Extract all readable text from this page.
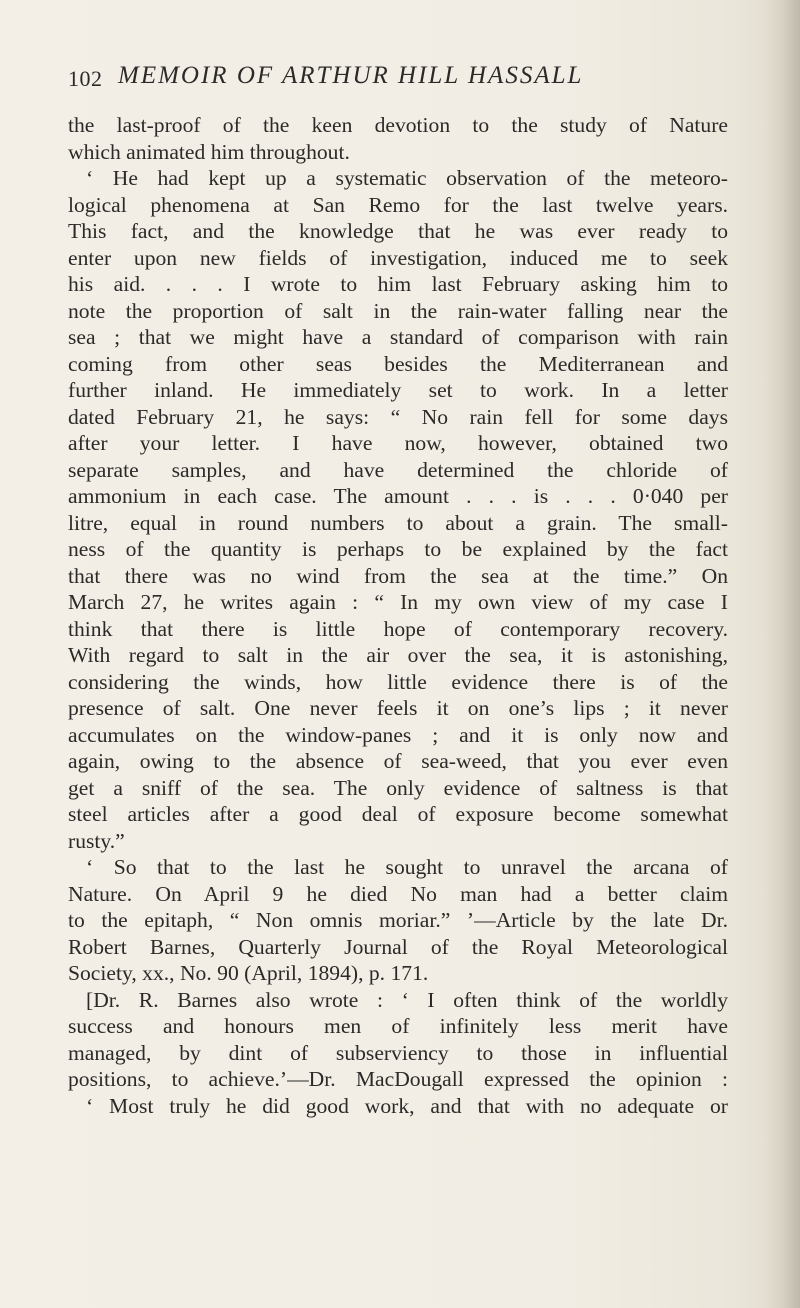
102 MEMOIR OF ARTHUR HILL HASSALL
the last-proof of the keen devotion to the study of Nature
which animated him throughout.
‘ He had kept up a systematic observation of the meteoro-
logical phenomena at San Remo for the last twelve years.
This fact, and the knowledge that he was ever ready to
enter upon new fields of investigation, induced me to seek
his aid. . . . I wrote to him last February asking him to
note the proportion of salt in the rain-water falling near the
sea ; that we might have a standard of comparison with rain
coming from other seas besides the Mediterranean and
further inland. He immediately set to work. In a letter
dated February 21, he says: “ No rain fell for some days
after your letter. I have now, however, obtained two
separate samples, and have determined the chloride of
ammonium in each case. The amount . . . is . . . 0·040 per
litre, equal in round numbers to about a grain. The small-
ness of the quantity is perhaps to be explained by the fact
that there was no wind from the sea at the time.” On
March 27, he writes again : “ In my own view of my case I
think that there is little hope of contemporary recovery.
With regard to salt in the air over the sea, it is astonishing,
considering the winds, how little evidence there is of the
presence of salt. One never feels it on one’s lips ; it never
accumulates on the window-panes ; and it is only now and
again, owing to the absence of sea-weed, that you ever even
get a sniff of the sea. The only evidence of saltness is that
steel articles after a good deal of exposure become somewhat
rusty.”
‘ So that to the last he sought to unravel the arcana of
Nature. On April 9 he died No man had a better claim
to the epitaph, “ Non omnis moriar.” ’—Article by the late Dr.
Robert Barnes, Quarterly Journal of the Royal Meteorological
Society, xx., No. 90 (April, 1894), p. 171.
[Dr. R. Barnes also wrote : ‘ I often think of the worldly
success and honours men of infinitely less merit have
managed, by dint of subserviency to those in influential
positions, to achieve.’—Dr. MacDougall expressed the opinion :
‘ Most truly he did good work, and that with no adequate or
